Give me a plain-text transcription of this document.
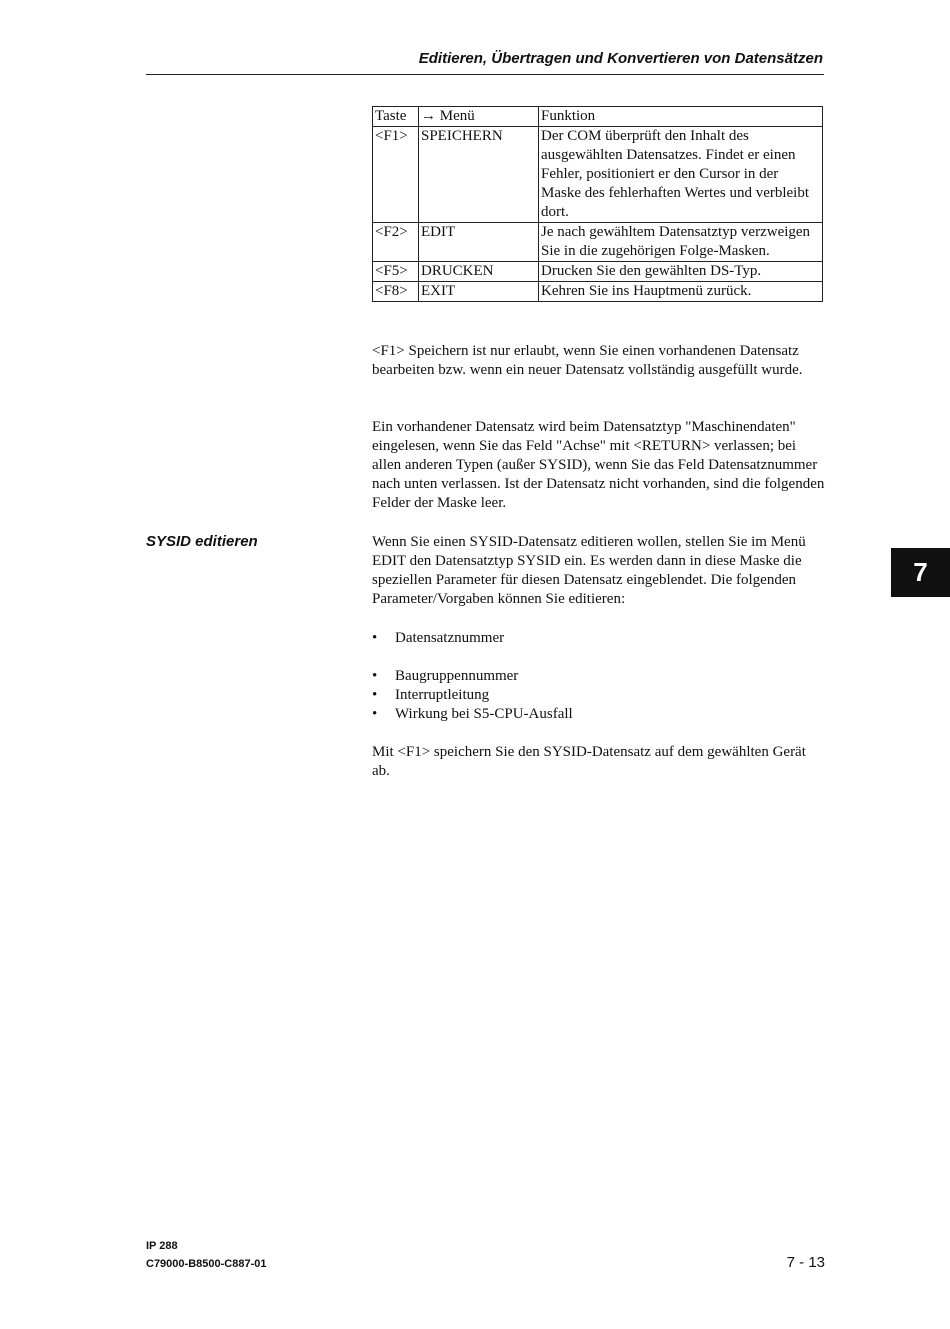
Editieren, Übertragen und Konvertieren von Datensätzen
Taste	→ Menü	Funktion
<F1>	SPEICHERN	Der COM überprüft den Inhalt des ausgewählten Datensatzes. Findet er einen Fehler, positioniert er den Cursor in der Maske des fehlerhaften Wertes und verbleibt dort.
<F2>	EDIT	Je nach gewähltem Datensatztyp verzweigen Sie in die zugehörigen Folge-Masken.
<F5>	DRUCKEN	Drucken Sie den gewählten DS-Typ.
<F8>	EXIT	Kehren Sie ins Hauptmenü zurück.

<F1> Speichern ist nur erlaubt, wenn Sie einen vorhandenen Datensatz bearbeiten bzw. wenn ein neuer Datensatz vollständig ausgefüllt wurde.

Ein vorhandener Datensatz wird beim Datensatztyp "Maschinendaten" eingelesen, wenn Sie das Feld "Achse" mit <RETURN> verlassen; bei allen anderen Typen (außer SYSID), wenn Sie das Feld Datensatznummer nach unten verlassen. Ist der Datensatz nicht vorhanden, sind die folgenden Felder der Maske leer.

SYSID editieren	Wenn Sie einen SYSID-Datensatz editieren wollen, stellen Sie im Menü EDIT den Datensatztyp SYSID ein. Es werden dann in diese Maske die speziellen Parameter für diesen Datensatz eingeblendet. Die folgenden Parameter/Vorgaben können Sie editieren:

• Datensatznummer
• Baugruppennummer
• Interruptleitung
• Wirkung bei S5-CPU-Ausfall

Mit <F1> speichern Sie den SYSID-Datensatz auf dem gewählten Gerät ab.

7
IP 288
C79000-B8500-C887-01	7 - 13
